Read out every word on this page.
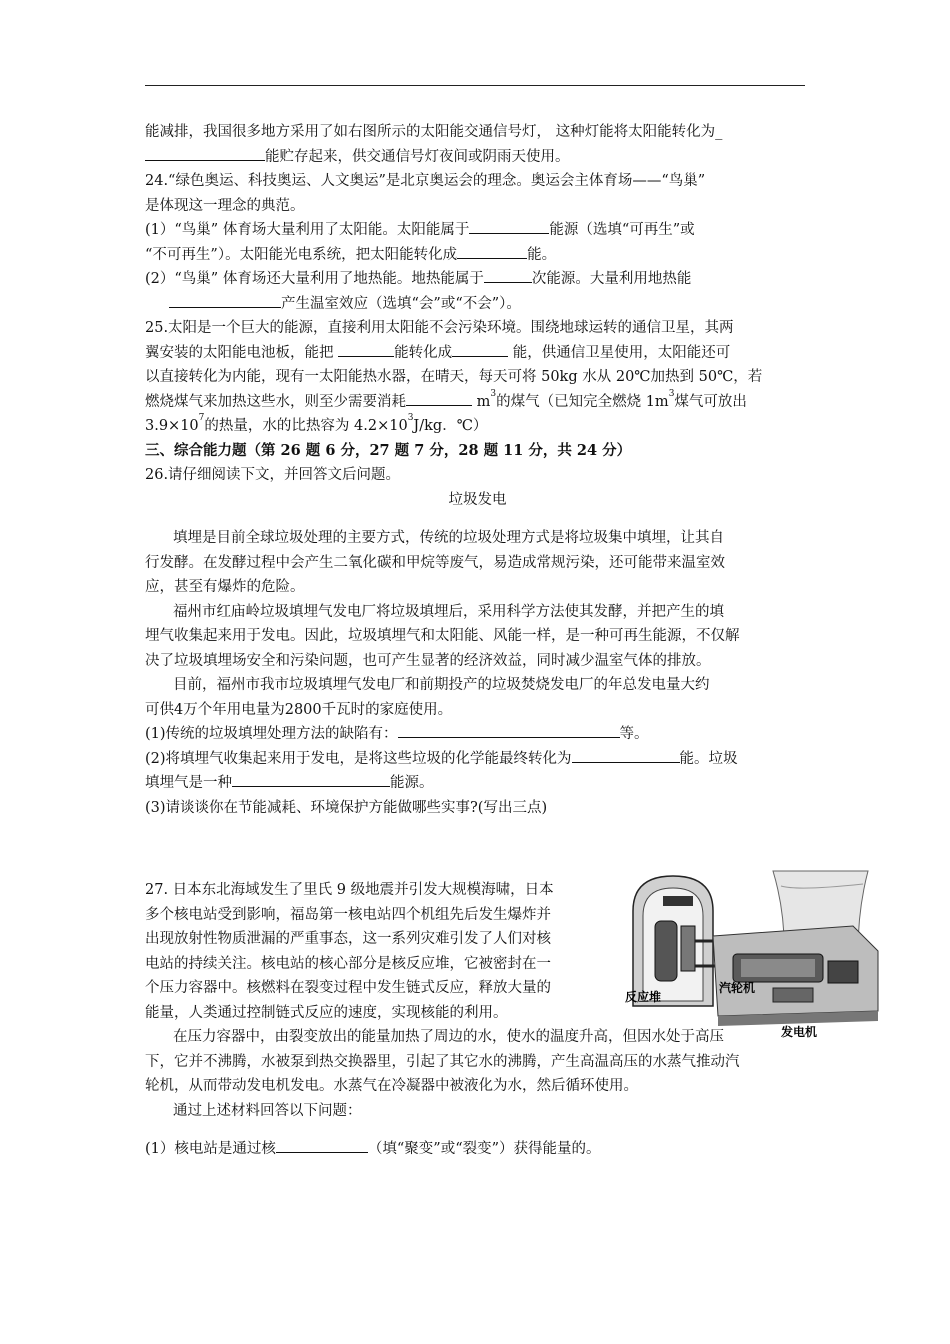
能减排，我国很多地方采用了如右图所示的太阳能交通信号灯， 这种灯能将太阳能转化为_
能贮存起来，供交通信号灯夜间或阴雨天使用。
24.“绿色奥运、科技奥运、人文奥运”是北京奥运会的理念。奥运会主体育场——“鸟巢”
是体现这一理念的典范。
(1）“鸟巢” 体育场大量利用了太阳能。太阳能属于	能源（选填“可再生”或
“不可再生”）。太阳能光电系统，把太阳能转化成	能。
(2）“鸟巢” 体育场还大量利用了地热能。地热能属于	次能源。大量利用地热能
产生温室效应（选填“会”或“不会”）。
25.太阳是一个巨大的能源，直接利用太阳能不会污染环境。围绕地球运转的通信卫星，其两
翼安装的太阳能电池板，能把	能转化成	能，供通信卫星使用，太阳能还可
以直接转化为内能，现有一太阳能热水器，在晴天，每天可将 50kg 水从 20℃加热到 50℃，若
燃烧煤气来加热这些水，则至少需要消耗	$m^3$的煤气（已知完全燃烧 $1m^3$煤气可放出
$3.9\times 10^7$的热量，水的比热容为 $4.2\times 10^3J/kg$．℃）
三、综合能力题（第 26 题 6 分，27 题 7 分，28 题 11 分，共 24 分）
26.请仔细阅读下文，并回答文后问题。
垃圾发电
填埋是目前全球垃圾处理的主要方式，传统的垃圾处理方式是将垃圾集中填埋，让其自
行发酵。在发酵过程中会产生二氧化碳和甲烷等废气，易造成常规污染，还可能带来温室效
应，甚至有爆炸的危险。
福州市红庙岭垃圾填埋气发电厂将垃圾填埋后，采用科学方法使其发酵，并把产生的填
埋气收集起来用于发电。因此，垃圾填埋气和太阳能、风能一样，是一种可再生能源，不仅解
决了垃圾填埋场安全和污染问题，也可产生显著的经济效益，同时减少温室气体的排放。
目前，福州市我市垃圾填埋气发电厂和前期投产的垃圾焚烧发电厂的年总发电量大约
可供4万个年用电量为2800千瓦时的家庭使用。
(1)传统的垃圾填埋处理方法的缺陷有：	等。
(2)将填埋气收集起来用于发电，是将这些垃圾的化学能最终转化为	能。垃圾
填埋气是一种	能源。
(3)请谈谈你在节能减耗、环境保护方能做哪些实事?(写出三点)
27. 日本东北海域发生了里氏 9 级地震并引发大规模海啸，日本
多个核电站受到影响，福岛第一核电站四个机组先后发生爆炸并
出现放射性物质泄漏的严重事态，这一系列灾难引发了人们对核
电站的持续关注。核电站的核心部分是核反应堆，它被密封在一
个压力容器中。核燃料在裂变过程中发生链式反应，释放大量的
能量，人类通过控制链式反应的速度，实现核能的利用。
反应堆
汽轮机
发电机
在压力容器中，由裂变放出的能量加热了周边的水，使水的温度升高，但因水处于高压
下，它并不沸腾，水被泵到热交换器里，引起了其它水的沸腾，产生高温高压的水蒸气推动汽
轮机，从而带动发电机发电。水蒸气在冷凝器中被液化为水，然后循环使用。
通过上述材料回答以下问题：
(1）核电站是通过核	（填“聚变”或“裂变”）获得能量的。
